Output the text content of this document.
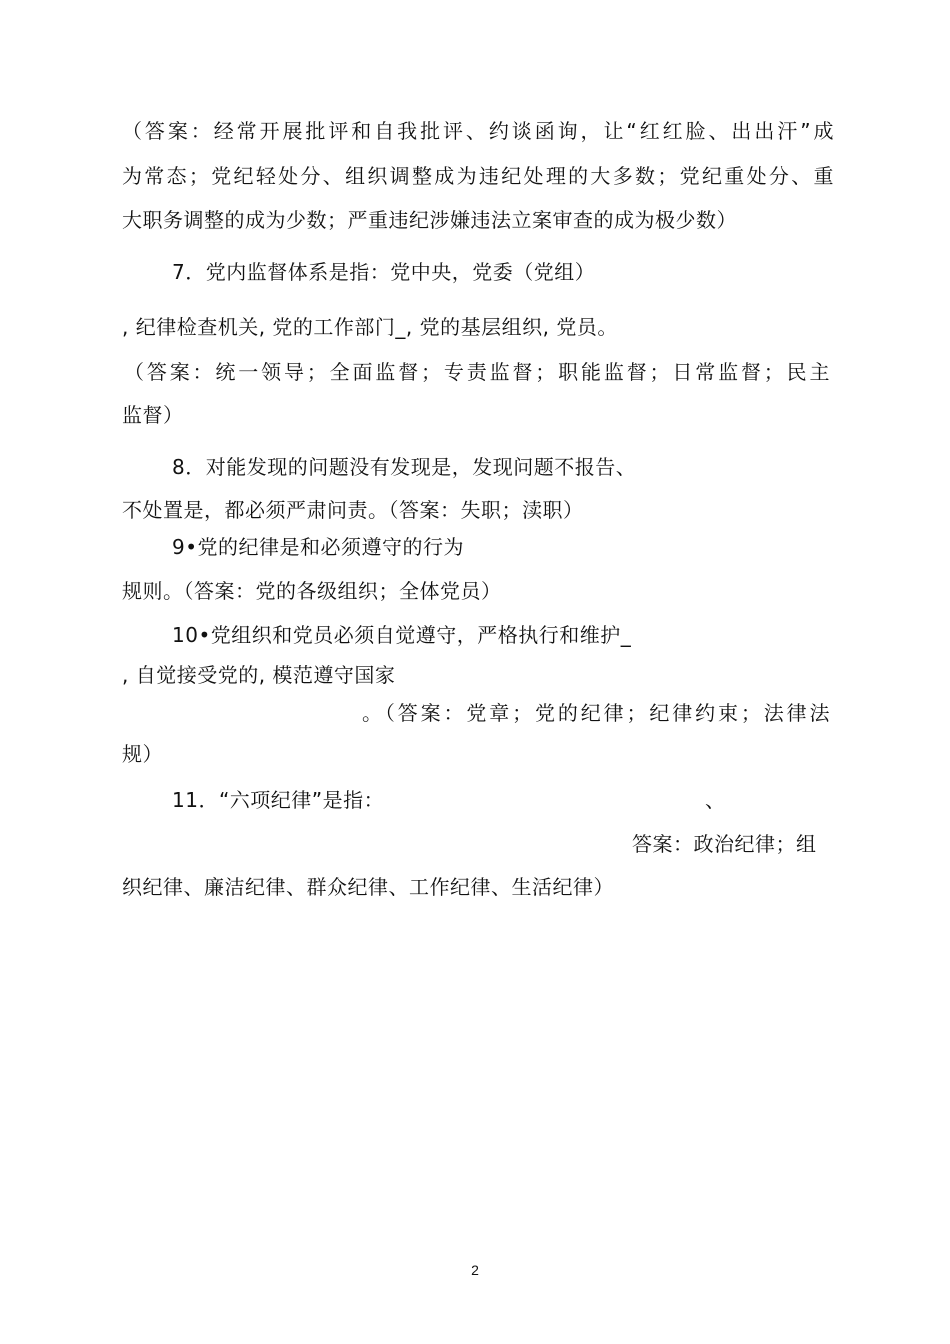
（答案：经常开展批评和自我批评、约谈函询，让“红红脸、出出汗”成
为常态；党纪轻处分、组织调整成为违纪处理的大多数；党纪重处分、重
大职务调整的成为少数；严重违纪涉嫌违法立案审查的成为极少数）
7．党内监督体系是指：党中央，党委（党组）
, 纪律检查机关, 党的工作部门_, 党的基层组织, 党员。
（答案：统一领导；全面监督；专责监督；职能监督；日常监督；民主
监督）
8．对能发现的问题没有发现是，发现问题不报告、
不处置是，都必须严肃问责。（答案：失职；渎职）
9•党的纪律是和必须遵守的行为
规则。（答案：党的各级组织；全体党员）
10•党组织和党员必须自觉遵守，严格执行和维护_
, 自觉接受党的, 模范遵守国家
。（答案：党章；党的纪律；纪律约束；法律法
规）
11．“六项纪律”是指：	、
答案：政治纪律；组
织纪律、廉洁纪律、群众纪律、工作纪律、生活纪律）
2
